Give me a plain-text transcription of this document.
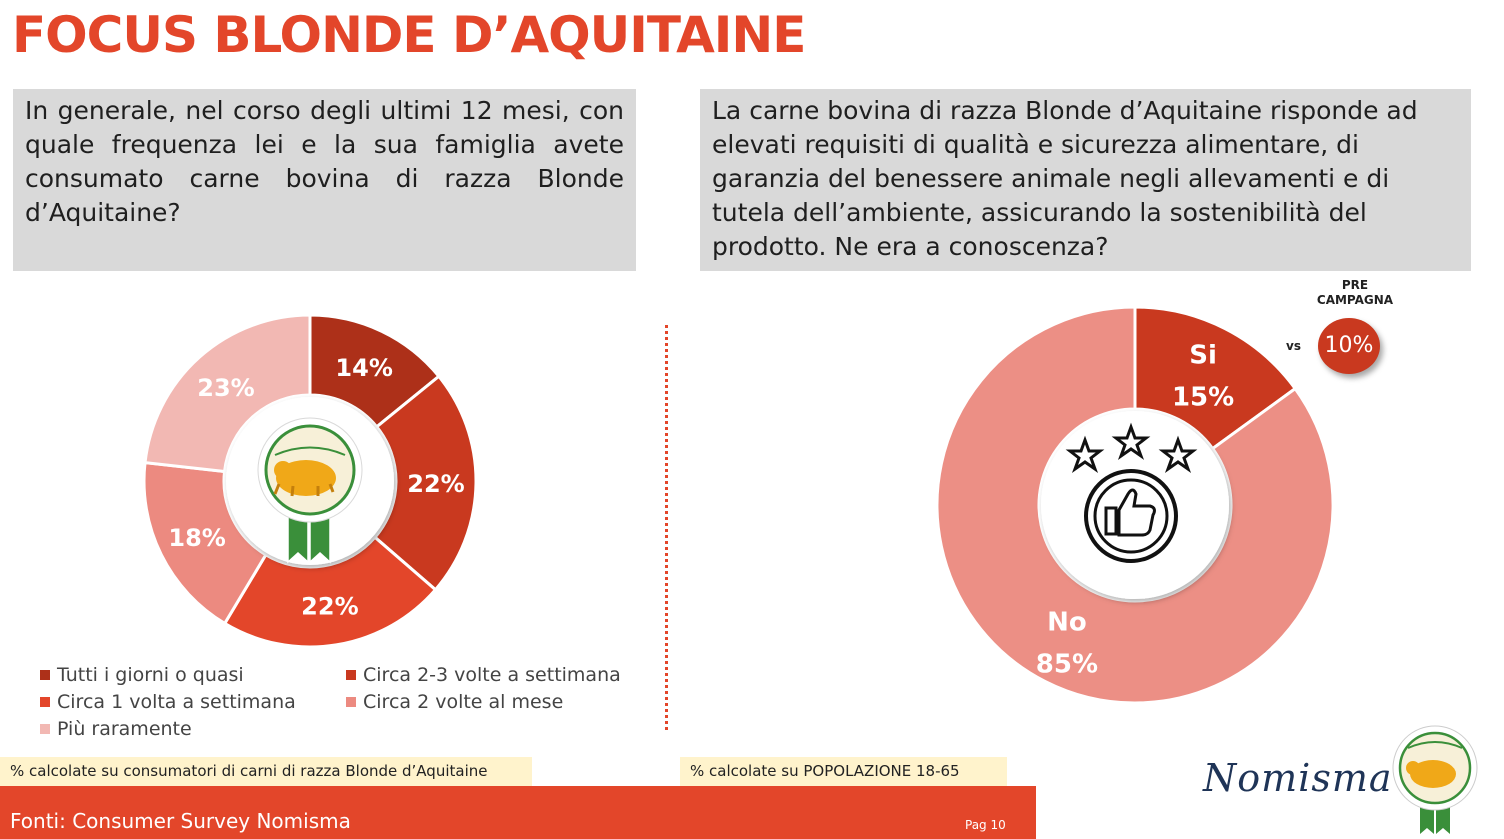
FOCUS BLONDE D’AQUITAINE
In generale, nel corso degli ultimi 12 mesi, con quale frequenza lei e la sua famiglia avete consumato carne bovina di razza Blonde d’Aquitaine?
La carne bovina di razza Blonde d’Aquitaine risponde ad elevati requisiti di qualità e sicurezza alimentare, di garanzia del benessere animale negli allevamenti e di tutela dell’ambiente, assicurando la sostenibilità del prodotto. Ne era a conoscenza?
14%
22%
22%
18%
23%
Si
15%
No
85%
Tutti i giorni o quasi	Circa 2-3 volte a settimana
Circa 1 volta a settimana	Circa 2 volte al mese
Più raramente
PRE
CAMPAGNA
vs 10%
% calcolate su consumatori di carni di razza Blonde d’Aquitaine	% calcolate su POPOLAZIONE 18-65
Fonti: Consumer Survey Nomisma	Pag 10
Nomisma
